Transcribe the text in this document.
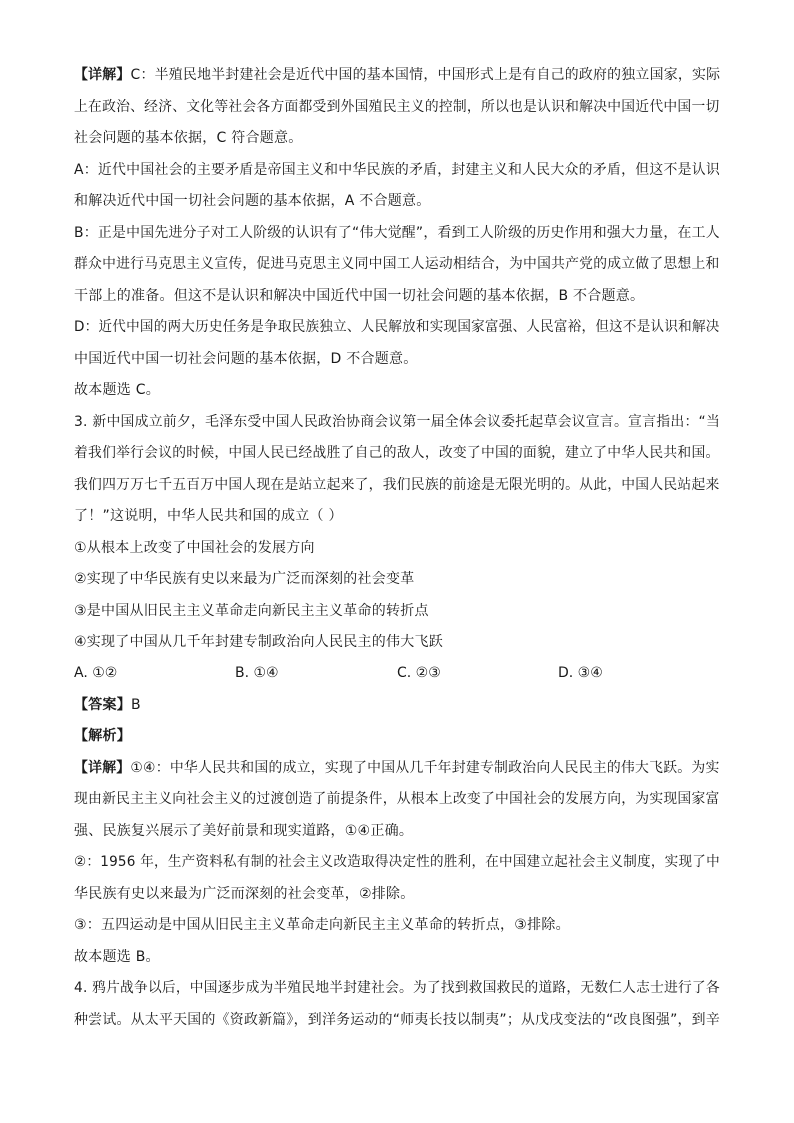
【详解】C：半殖民地半封建社会是近代中国的基本国情，中国形式上是有自己的政府的独立国家，实际
上在政治、经济、文化等社会各方面都受到外国殖民主义的控制，所以也是认识和解决中国近代中国一切
社会问题的基本依据，C 符合题意。
A：近代中国社会的主要矛盾是帝国主义和中华民族的矛盾，封建主义和人民大众的矛盾，但这不是认识
和解决近代中国一切社会问题的基本依据，A 不合题意。
B：正是中国先进分子对工人阶级的认识有了“伟大觉醒”，看到工人阶级的历史作用和强大力量，在工人
群众中进行马克思主义宣传，促进马克思主义同中国工人运动相结合，为中国共产党的成立做了思想上和
干部上的准备。但这不是认识和解决中国近代中国一切社会问题的基本依据，B 不合题意。
D：近代中国的两大历史任务是争取民族独立、人民解放和实现国家富强、人民富裕，但这不是认识和解决
中国近代中国一切社会问题的基本依据，D 不合题意。
故本题选 C。
3. 新中国成立前夕，毛泽东受中国人民政治协商会议第一届全体会议委托起草会议宣言。宣言指出：“当
着我们举行会议的时候，中国人民已经战胜了自己的敌人，改变了中国的面貌，建立了中华人民共和国。
我们四万万七千五百万中国人现在是站立起来了，我们民族的前途是无限光明的。从此，中国人民站起来
了！”这说明，中华人民共和国的成立（ ）
①从根本上改变了中国社会的发展方向
②实现了中华民族有史以来最为广泛而深刻的社会变革
③是中国从旧民主主义革命走向新民主主义革命的转折点
④实现了中国从几千年封建专制政治向人民民主的伟大飞跃
A. ①②	B. ①④	C. ②③	D. ③④
【答案】B
【解析】
【详解】①④：中华人民共和国的成立，实现了中国从几千年封建专制政治向人民民主的伟大飞跃。为实
现由新民主主义向社会主义的过渡创造了前提条件，从根本上改变了中国社会的发展方向，为实现国家富
强、民族复兴展示了美好前景和现实道路，①④正确。
②：1956 年，生产资料私有制的社会主义改造取得决定性的胜利，在中国建立起社会主义制度，实现了中
华民族有史以来最为广泛而深刻的社会变革，②排除。
③：五四运动是中国从旧民主主义革命走向新民主主义革命的转折点，③排除。
故本题选 B。
4. 鸦片战争以后，中国逐步成为半殖民地半封建社会。为了找到救国救民的道路，无数仁人志士进行了各
种尝试。从太平天国的《资政新篇》，到洋务运动的“师夷长技以制夷”；从戊戌变法的“改良图强”，到辛
